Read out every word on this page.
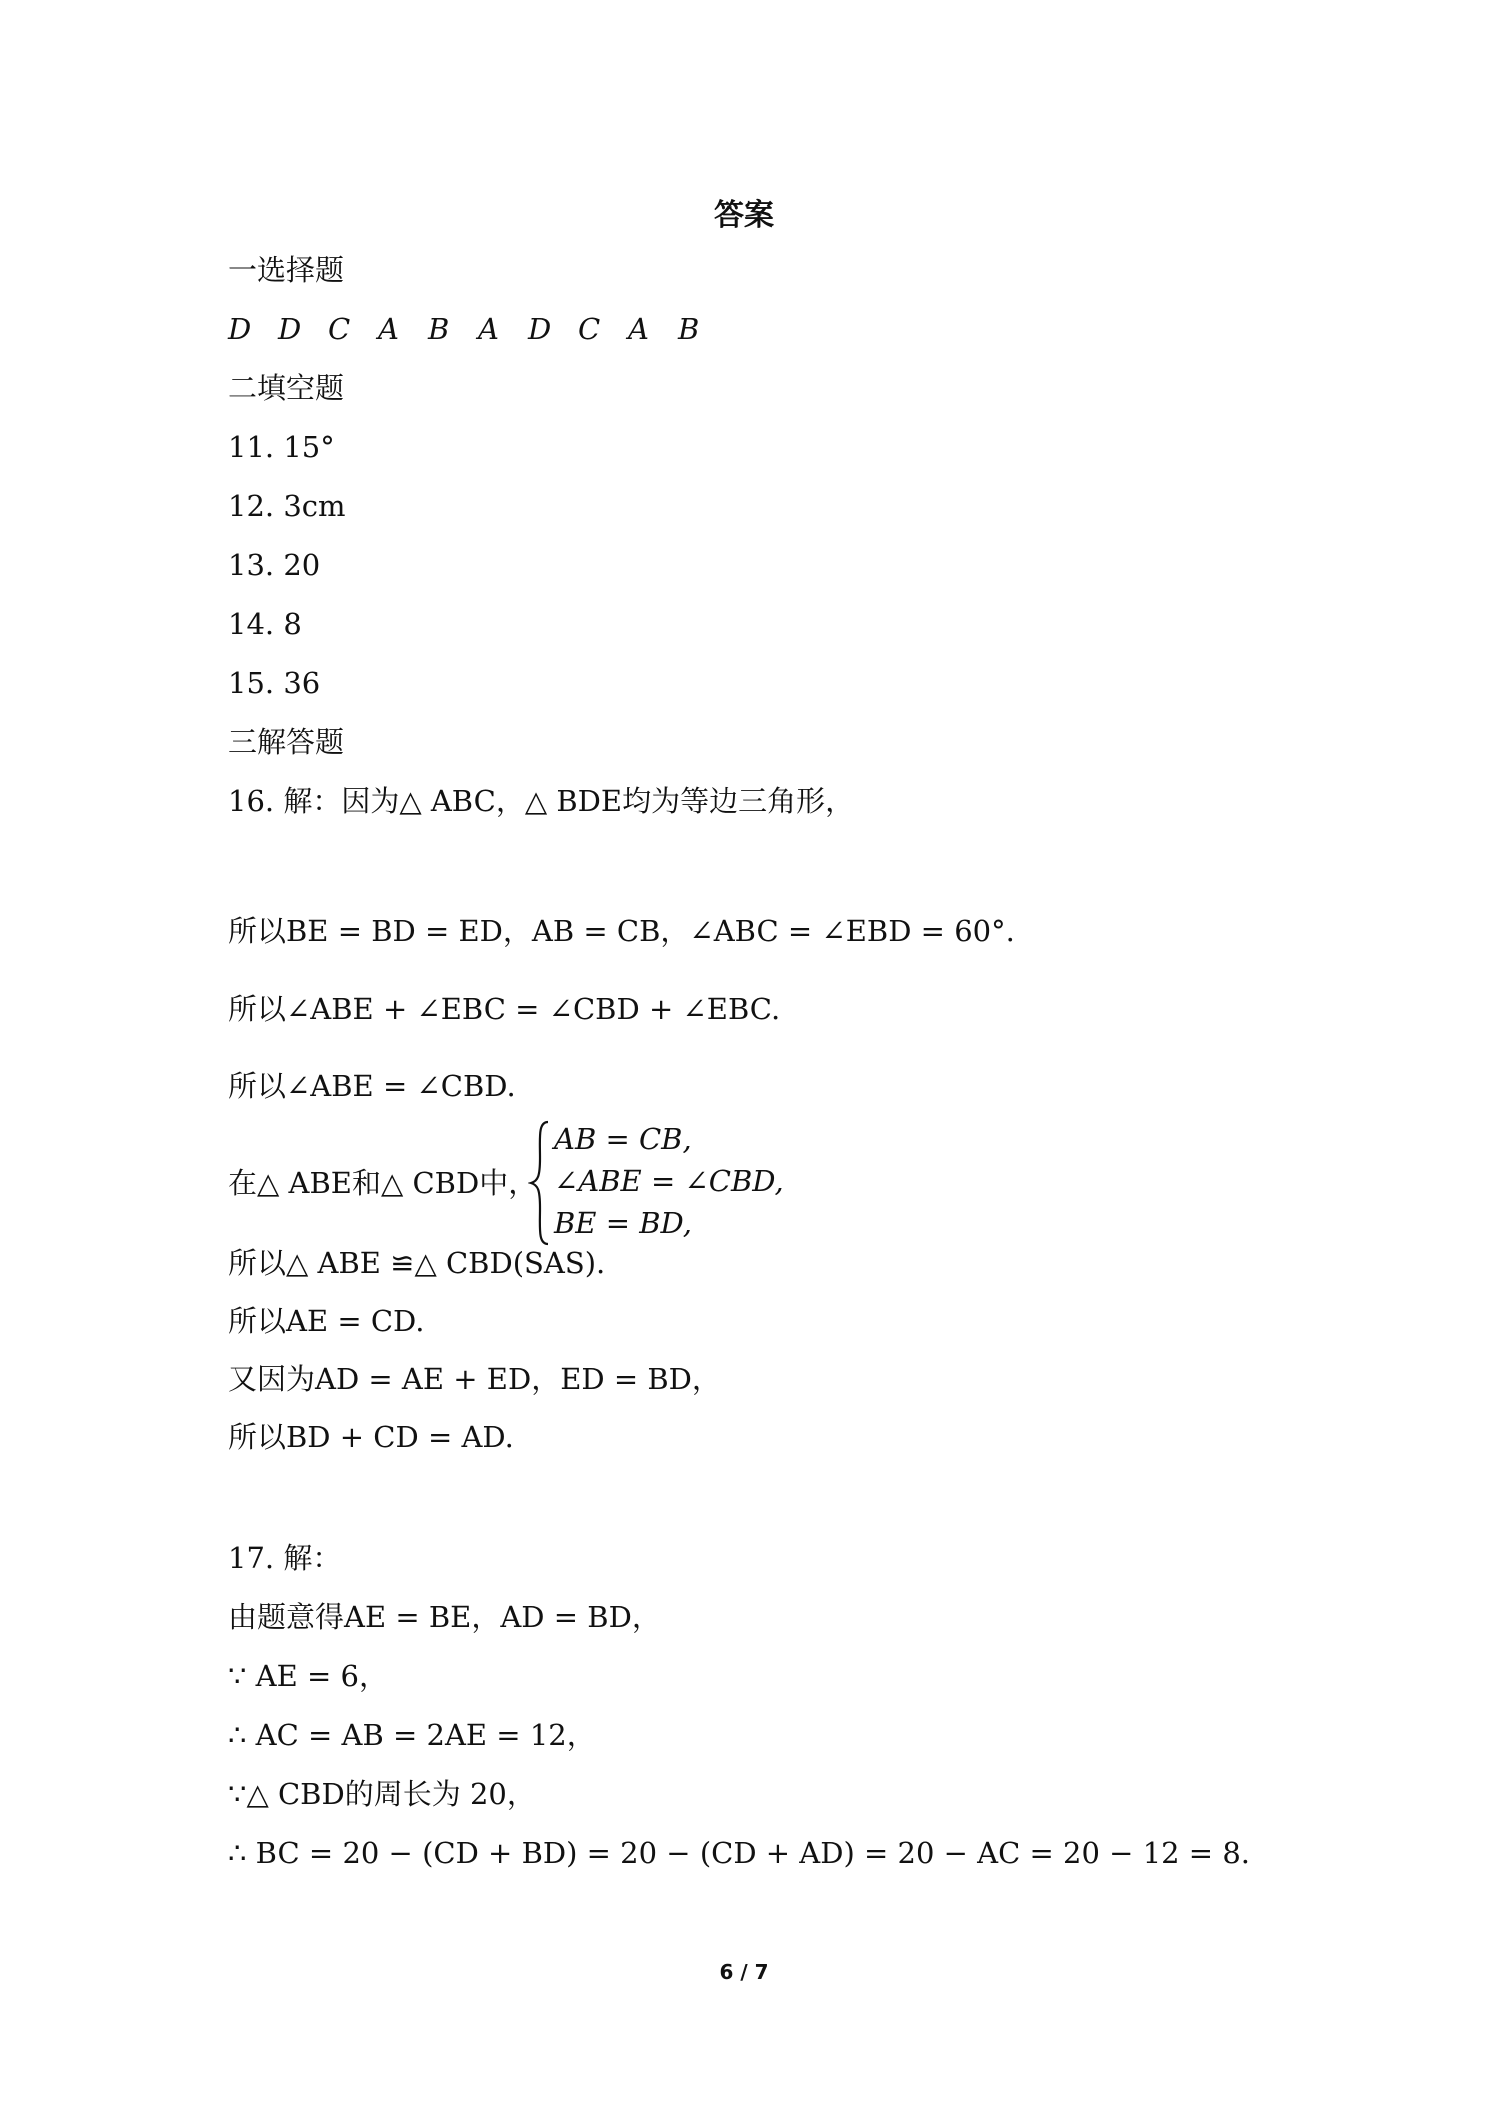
答案
一选择题
D D C A B A D C A B
二填空题
11. 15°
12. 3cm
13. 20
14. 8
15. 36
三解答题
16. 解：因为△ ABC，△ BDE均为等边三角形，
所以BE = BD = ED，AB = CB，∠ABC = ∠EBD = 60°.
所以∠ABE + ∠EBC = ∠CBD + ∠EBC.
所以∠ABE = ∠CBD.
在△ ABE和△ CBD中，
AB = CB,
∠ABE = ∠CBD,
BE = BD,
所以△ ABE ≌△ CBD(SAS).
所以AE = CD.
又因为AD = AE + ED，ED = BD，
所以BD + CD = AD.
17. 解：
由题意得AE = BE，AD = BD，
∵ AE = 6，
∴ AC = AB = 2AE = 12，
∵△ CBD的周长为 20，
∴ BC = 20 − (CD + BD) = 20 − (CD + AD) = 20 − AC = 20 − 12 = 8.
6 / 7
